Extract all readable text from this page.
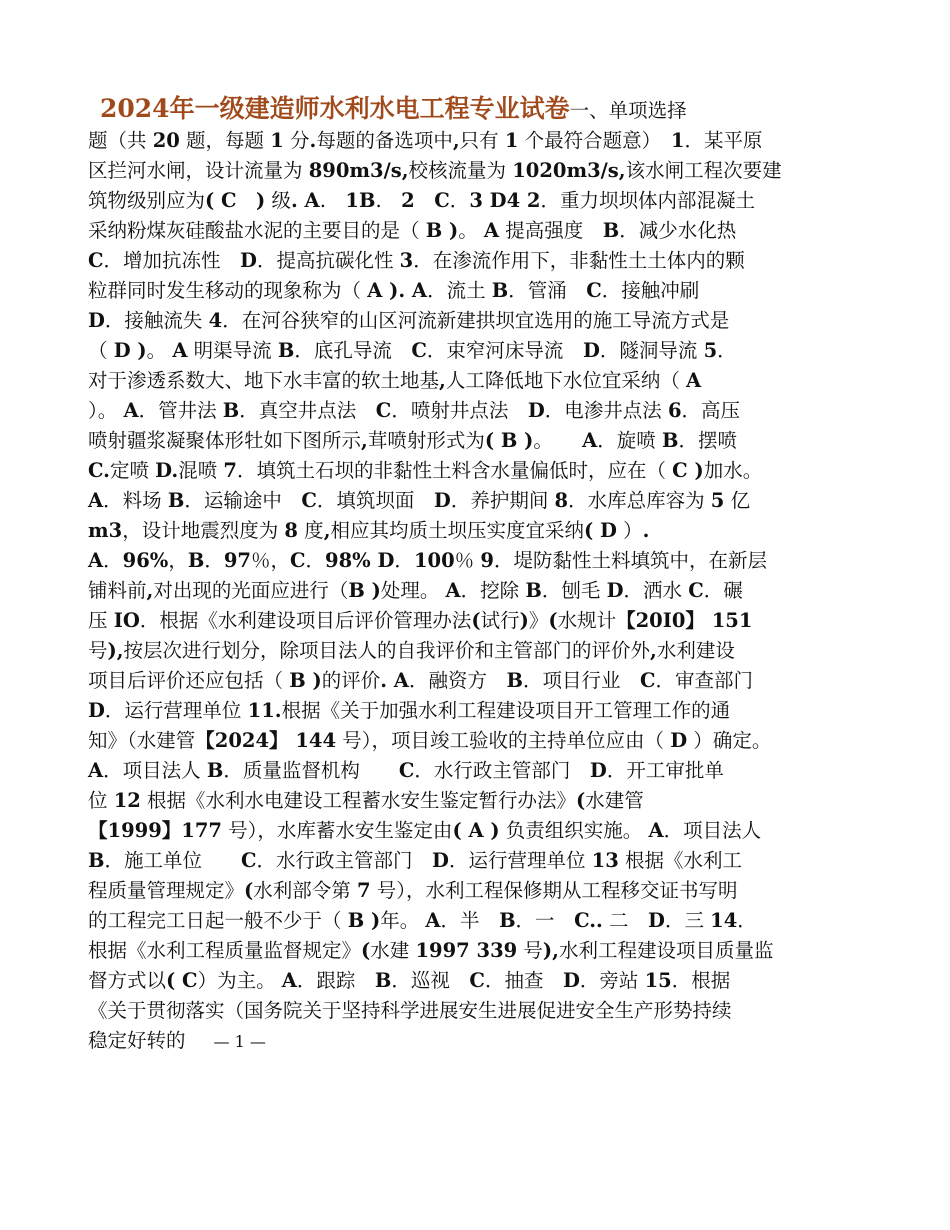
2024年一级建造师水利水电工程专业试卷一、单项选择
题（共 20 题，每题 1 分.每题的备选项中,只有 1 个最符合题意）　1．某平原
区拦河水闸，设计流量为 890m3/s,校核流量为 1020m3/s,该水闸工程次要建
筑物级别应为( C　) 级. A.　1B.　2　 C．3 D4 2．重力坝坝体内部混凝土
采纳粉煤灰硅酸盐水泥的主要目的是（ B )。 A 提高强度　B．减少水化热
C．增加抗冻性　D．提高抗碳化性 3．在渗流作用下，非黏性土土体内的颗
粒群同时发生移动的现象称为（ A ). A．流土 B．管涌　C．接触冲刷
D．接触流失 4．在河谷狭窄的山区河流新建拱坝宜选用的施工导流方式是
（ D )。 A 明渠导流 B．底孔导流　C．束窄河床导流　D．隧洞导流 5．
对于渗透系数大、地下水丰富的软土地基,人工降低地下水位宜采纳（ A
）。 A．管井法 B．真空井点法　C．喷射井点法　D．电渗井点法 6．高压
喷射疆浆凝聚体形牡如下图所示,茸喷射形式为( B )。　　A．旋喷 B．摆喷
C.定喷 D.混喷 7．填筑土石坝的非黏性土料含水量偏低时，应在（ C )加水。
A．料场 B．运输途中　C．填筑坝面　D．养护期间 8．水库总库容为 5 亿
m3，设计地震烈度为 8 度,相应其均质土坝压实度宜采纳( D ）.
A．96%，B．97％，C．98% D．100％ 9．堤防黏性土料填筑中，在新层
铺料前,对出现的光面应进行（B )处理。 A．挖除 B．刨毛 D．洒水 C．碾
压 IO．根据《水利建设项目后评价管理办法(试行)》(水规计【20I0】 151
号),按层次进行划分，除项目法人的自我评价和主管部门的评价外,水利建设
项目后评价还应包括（ B )的评价. A．融资方　B．项目行业　C．审查部门
D．运行营理单位 11.根据《关于加强水利工程建设项目开工管理工作的通
知》（水建管【2024】 144 号），项目竣工验收的主持单位应由（ D ）确定。
A．项目法人 B．质量监督机构　　C．水行政主管部门　D．开工审批单
位 12 根据《水利水电建设工程蓄水安生鉴定暂行办法》(水建管
【1999】177 号），水库蓄水安生鉴定由( A ) 负责组织实施。 A．项目法人
B．施工单位　　C．水行政主管部门　D．运行营理单位 13 根据《水利工
程质量管理规定》(水利部令第 7 号），水利工程保修期从工程移交证书写明
的工程完工日起一般不少于（ B )年。 A．半　B．一　C.. 二　D．三 14．
根据《水利工程质量监督规定》(水建 1997 339 号),水利工程建设项目质量监
督方式以( C）为主。 A．跟踪　B．巡视　C．抽查　D．旁站 15．根据
《关于贯彻落实（国务院关于坚持科学进展安生进展促进安全生产形势持续
稳定好转的 — 1 —
